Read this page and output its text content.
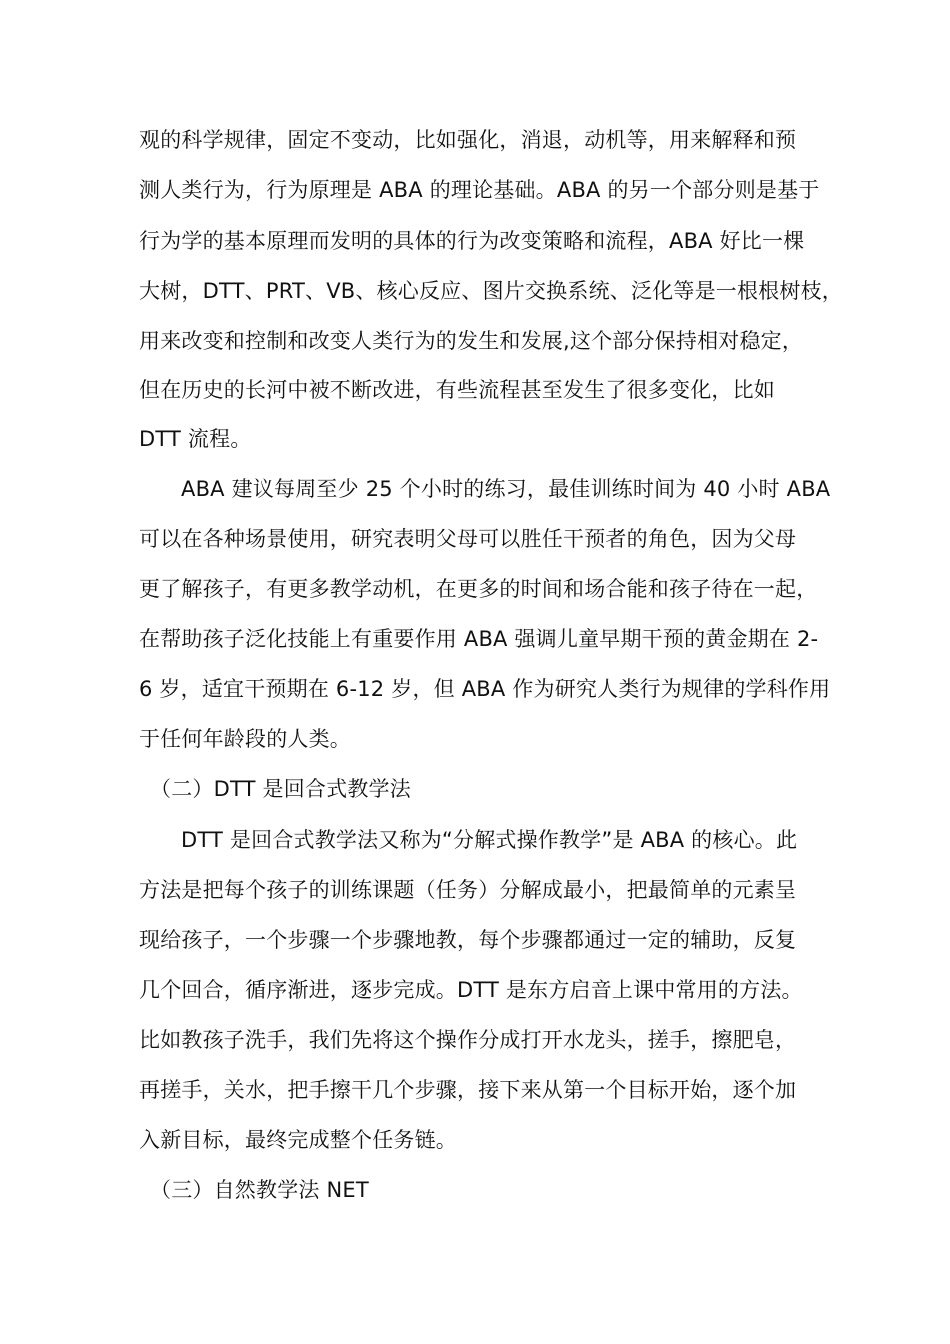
观的科学规律，固定不变动，比如强化，消退，动机等，用来解释和预
测人类行为，行为原理是 ABA 的理论基础。ABA 的另一个部分则是基于
行为学的基本原理而发明的具体的行为改变策略和流程，ABA 好比一棵
大树，DTT、PRT、VB、核心反应、图片交换系统、泛化等是一根根树枝，
用来改变和控制和改变人类行为的发生和发展,这个部分保持相对稳定，
但在历史的长河中被不断改进，有些流程甚至发生了很多变化，比如
DTT 流程。
ABA 建议每周至少 25 个小时的练习，最佳训练时间为 40 小时 ABA
可以在各种场景使用，研究表明父母可以胜任干预者的角色，因为父母
更了解孩子，有更多教学动机，在更多的时间和场合能和孩子待在一起，
在帮助孩子泛化技能上有重要作用 ABA 强调儿童早期干预的黄金期在 2-
6 岁，适宜干预期在 6-12 岁，但 ABA 作为研究人类行为规律的学科作用
于任何年龄段的人类。
（二）DTT 是回合式教学法
DTT 是回合式教学法又称为“分解式操作教学”是 ABA 的核心。此
方法是把每个孩子的训练课题（任务）分解成最小，把最简单的元素呈
现给孩子，一个步骤一个步骤地教，每个步骤都通过一定的辅助，反复
几个回合，循序渐进，逐步完成。DTT 是东方启音上课中常用的方法。
比如教孩子洗手，我们先将这个操作分成打开水龙头，搓手，擦肥皂，
再搓手，关水，把手擦干几个步骤，接下来从第一个目标开始，逐个加
入新目标，最终完成整个任务链。
（三）自然教学法 NET
